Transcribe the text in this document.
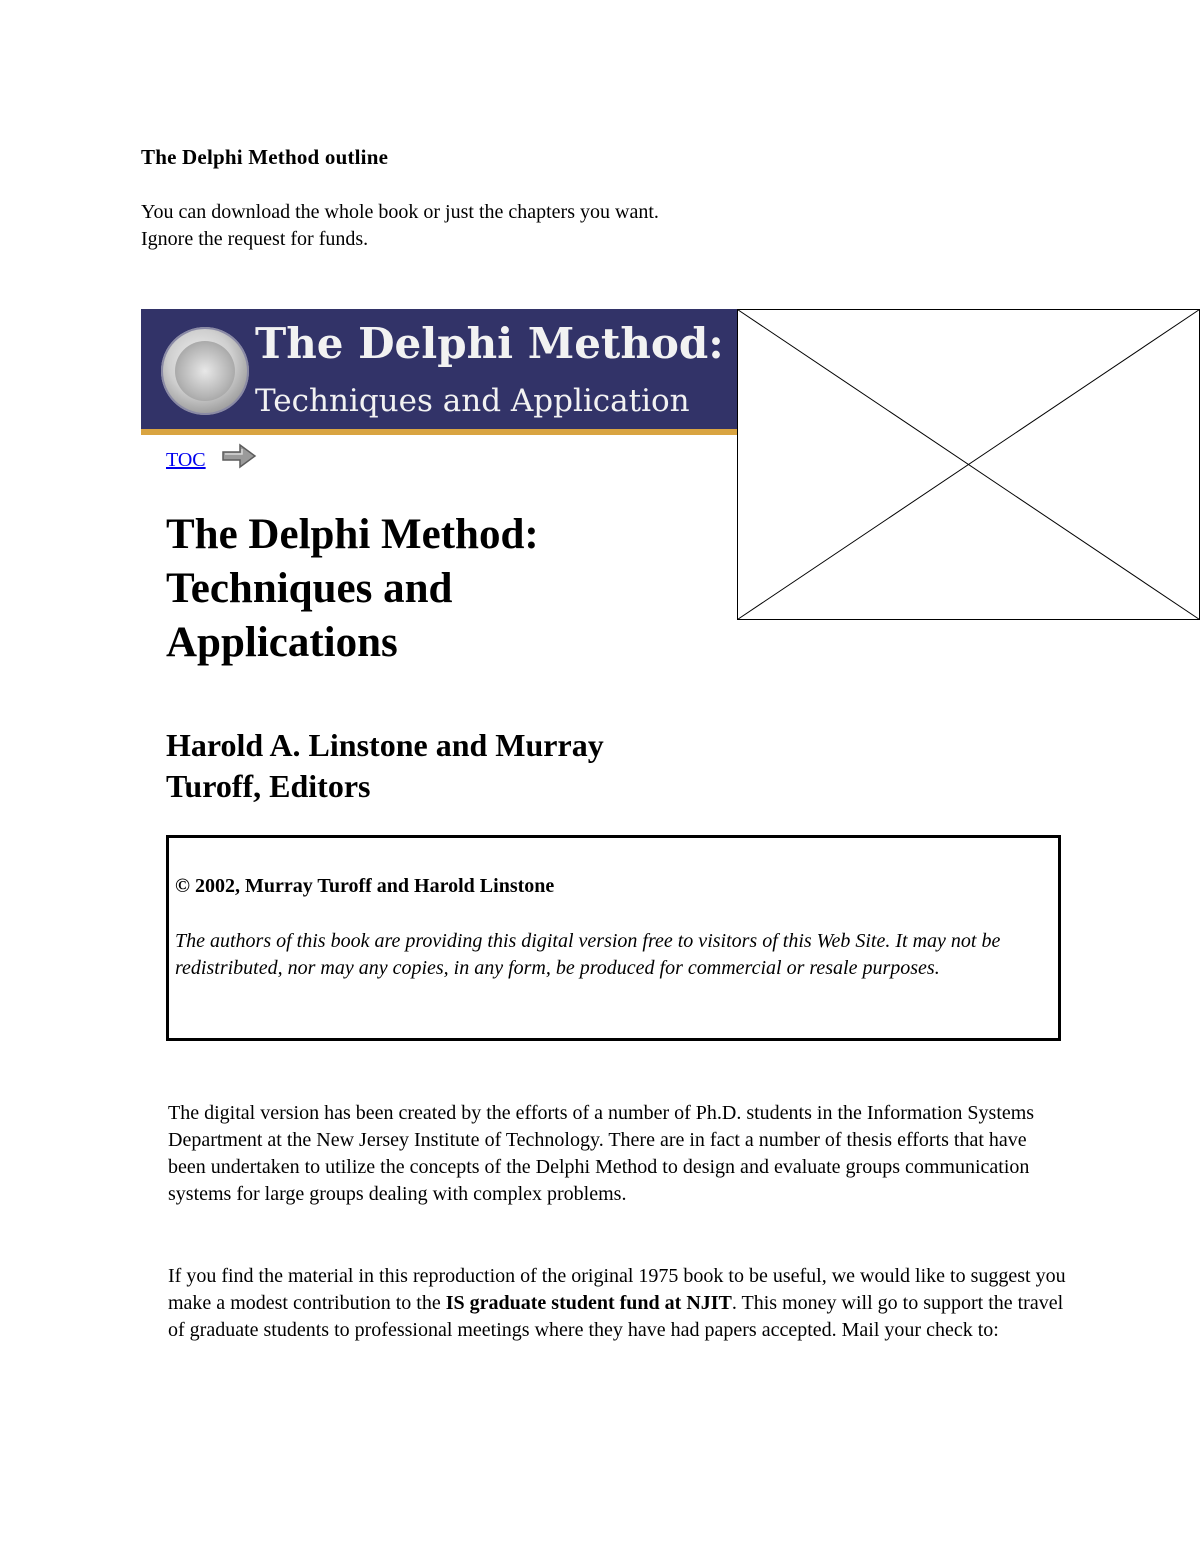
The Delphi Method outline
You can download the whole book or just the chapters you want.
Ignore the request for funds.
The Delphi Method:
Techniques and Application
TOC
The Delphi Method:
Techniques and
Applications
Harold A. Linstone and Murray
Turoff, Editors
© 2002, Murray Turoff and Harold Linstone
The authors of this book are providing this digital version free to visitors of this Web Site. It may not be redistributed, nor may any copies, in any form, be produced for commercial or resale purposes.
The digital version has been created by the efforts of a number of Ph.D. students in the Information Systems Department at the New Jersey Institute of Technology. There are in fact a number of thesis efforts that have been undertaken to utilize the concepts of the Delphi Method to design and evaluate groups communication systems for large groups dealing with complex problems.
If you find the material in this reproduction of the original 1975 book to be useful, we would like to suggest you make a modest contribution to the IS graduate student fund at NJIT. This money will go to support the travel of graduate students to professional meetings where they have had papers accepted. Mail your check to:
